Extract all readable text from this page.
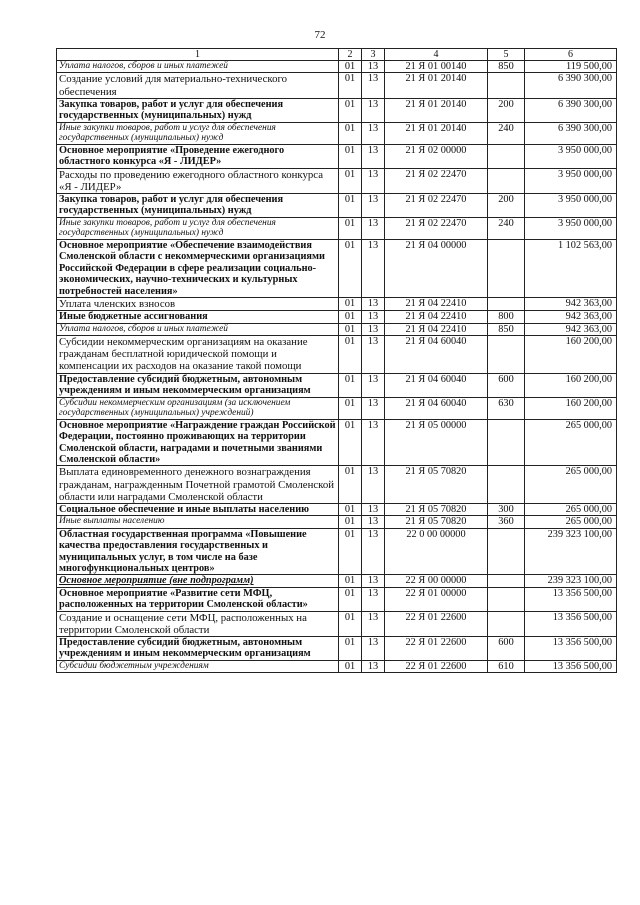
72
1	2	3	4	5	6
Уплата налогов, сборов и иных платежей	01	13	21 Я 01 00140	850	119 500,00
Создание условий для материально-технического обеспечения	01	13	21 Я 01 20140		6 390 300,00
Закупка товаров, работ и услуг для обеспечения государственных (муниципальных) нужд	01	13	21 Я 01 20140	200	6 390 300,00
Иные закупки товаров, работ и услуг для обеспечения государственных (муниципальных) нужд	01	13	21 Я 01 20140	240	6 390 300,00
Основное мероприятие «Проведение ежегодного областного конкурса «Я - ЛИДЕР»	01	13	21 Я 02 00000		3 950 000,00
Расходы по проведению ежегодного областного конкурса «Я - ЛИДЕР»	01	13	21 Я 02 22470		3 950 000,00
Закупка товаров, работ и услуг для обеспечения государственных (муниципальных) нужд	01	13	21 Я 02 22470	200	3 950 000,00
Иные закупки товаров, работ и услуг для обеспечения государственных (муниципальных) нужд	01	13	21 Я 02 22470	240	3 950 000,00
Основное мероприятие «Обеспечение взаимодействия Смоленской области с некоммерческими организациями Российской Федерации в сфере реализации социально-экономических, научно-технических и культурных потребностей населения»	01	13	21 Я 04 00000		1 102 563,00
Уплата членских взносов	01	13	21 Я 04 22410		942 363,00
Иные бюджетные ассигнования	01	13	21 Я 04 22410	800	942 363,00
Уплата налогов, сборов и иных платежей	01	13	21 Я 04 22410	850	942 363,00
Субсидии некоммерческим организациям на оказание гражданам бесплатной юридической помощи и компенсации их расходов на оказание такой помощи	01	13	21 Я 04 60040		160 200,00
Предоставление субсидий бюджетным, автономным учреждениям и иным некоммерческим организациям	01	13	21 Я 04 60040	600	160 200,00
Субсидии некоммерческим организациям (за исключением государственных (муниципальных) учреждений)	01	13	21 Я 04 60040	630	160 200,00
Основное мероприятие «Награждение граждан Российской Федерации, постоянно проживающих на территории Смоленской области, наградами и почетными званиями Смоленской области»	01	13	21 Я 05 00000		265 000,00
Выплата единовременного денежного вознаграждения гражданам, награжденным Почетной грамотой Смоленской области или наградами Смоленской области	01	13	21 Я 05 70820		265 000,00
Социальное обеспечение и иные выплаты населению	01	13	21 Я 05 70820	300	265 000,00
Иные выплаты населению	01	13	21 Я 05 70820	360	265 000,00
Областная государственная программа «Повышение качества предоставления государственных и муниципальных услуг, в том числе на базе многофункциональных центров»	01	13	22 0 00 00000		239 323 100,00
Основное мероприятие (вне подпрограмм)	01	13	22 Я 00 00000		239 323 100,00
Основное мероприятие «Развитие сети МФЦ, расположенных на территории Смоленской области»	01	13	22 Я 01 00000		13 356 500,00
Создание и оснащение сети МФЦ, расположенных на территории Смоленской области	01	13	22 Я 01 22600		13 356 500,00
Предоставление субсидий бюджетным, автономным учреждениям и иным некоммерческим организациям	01	13	22 Я 01 22600	600	13 356 500,00
Субсидии бюджетным учреждениям	01	13	22 Я 01 22600	610	13 356 500,00
